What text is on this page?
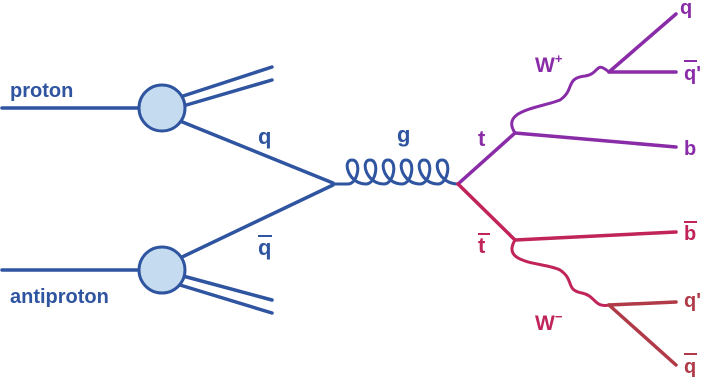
proton
antiproton
q
q
g	t
t
W+
W−
q
q'
b
b
q'
q
